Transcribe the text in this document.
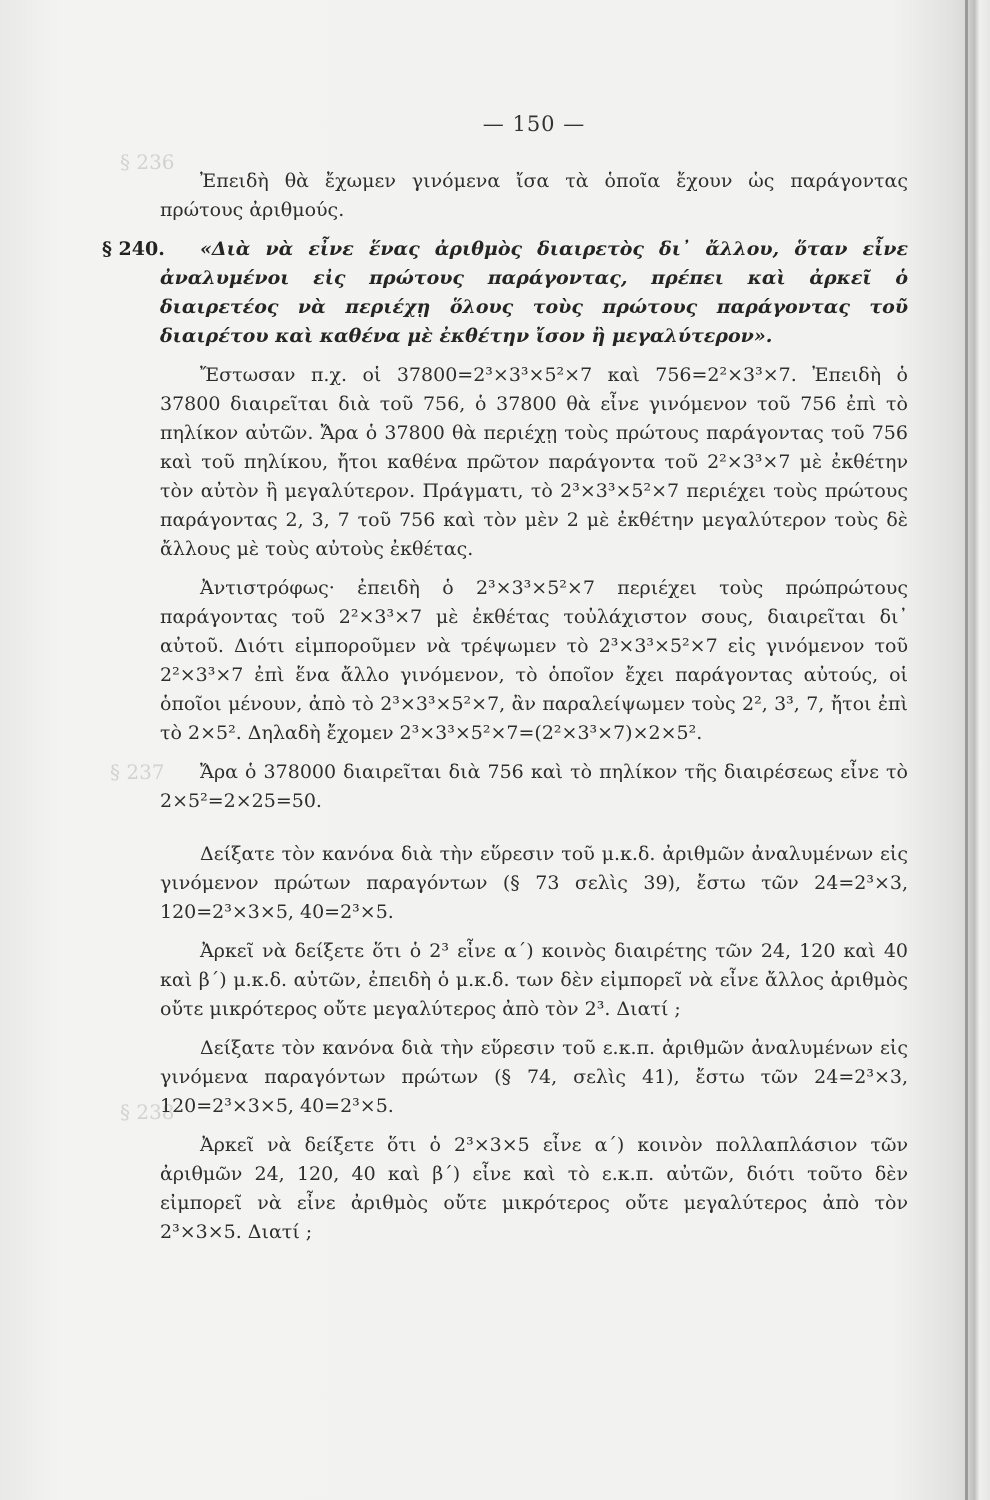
§ 236
§ 237
§ 238
— 150 —

Ἐπειδὴ θὰ ἔχωμεν γινόμενα ἴσα τὰ ὁποῖα ἔχουν ὡς παράγοντας πρώτους ἀριθμούς.

§ 240. «Διὰ νὰ εἶνε ἕνας ἀριθμὸς διαιρετὸς δι᾿ ἄλλου, ὅταν εἶνε ἀναλυμένοι εἰς πρώτους παράγοντας, πρέπει καὶ ἀρκεῖ ὁ διαιρετέος νὰ περιέχῃ ὅλους τοὺς πρώτους παράγοντας τοῦ διαιρέτου καὶ καθένα μὲ ἐκθέτην ἴσον ἢ μεγαλύτερον».

Ἔστωσαν π.χ. οἱ 37800=2³×3³×5²×7 καὶ 756=2²×3³×7. Ἐπειδὴ ὁ 37800 διαιρεῖται διὰ τοῦ 756, ὁ 37800 θὰ εἶνε γινόμενον τοῦ 756 ἐπὶ τὸ πηλίκον αὐτῶν. Ἄρα ὁ 37800 θὰ περιέχῃ τοὺς πρώτους παράγοντας τοῦ 756 καὶ τοῦ πηλίκου, ἤτοι καθένα πρῶτον παράγοντα τοῦ 2²×3³×7 μὲ ἐκθέτην τὸν αὐτὸν ἢ μεγαλύτερον. Πράγματι, τὸ 2³×3³×5²×7 περιέχει τοὺς πρώτους παράγοντας 2, 3, 7 τοῦ 756 καὶ τὸν μὲν 2 μὲ ἐκθέτην μεγαλύτερον τοὺς δὲ ἄλλους μὲ τοὺς αὐτοὺς ἐκθέτας.

Ἀντιστρόφως· ἐπειδὴ ὁ 2³×3³×5²×7 περιέχει τοὺς πρώπρώτους παράγοντας τοῦ 2²×3³×7 μὲ ἐκθέτας τοὐλάχιστον σους, διαιρεῖται δι᾿ αὐτοῦ. Διότι εἰμποροῦμεν νὰ τρέψωμεν τὸ 2³×3³×5²×7 εἰς γινόμενον τοῦ 2²×3³×7 ἐπὶ ἕνα ἄλλο γινόμενον, τὸ ὁποῖον ἔχει παράγοντας αὐτούς, οἱ ὁποῖοι μένουν, ἀπὸ τὸ 2³×3³×5²×7, ἂν παραλείψωμεν τοὺς 2², 3³, 7, ἤτοι ἐπὶ τὸ 2×5². Δηλαδὴ ἔχομεν 2³×3³×5²×7=(2²×3³×7)×2×5².

Ἄρα ὁ 378000 διαιρεῖται διὰ 756 καὶ τὸ πηλίκον τῆς διαιρέσεως εἶνε τὸ 2×5²=2×25=50.

Δείξατε τὸν κανόνα διὰ τὴν εὕρεσιν τοῦ μ.κ.δ. ἀριθμῶν ἀναλυμένων εἰς γινόμενον πρώτων παραγόντων (§ 73 σελὶς 39), ἔστω τῶν 24=2³×3, 120=2³×3×5, 40=2³×5.

Ἀρκεῖ νὰ δείξετε ὅτι ὁ 2³ εἶνε α΄) κοινὸς διαιρέτης τῶν 24, 120 καὶ 40 καὶ β΄) μ.κ.δ. αὐτῶν, ἐπειδὴ ὁ μ.κ.δ. των δὲν εἰμπορεῖ νὰ εἶνε ἄλλος ἀριθμὸς οὔτε μικρότερος οὔτε μεγαλύτερος ἀπὸ τὸν 2³. Διατί ;

Δείξατε τὸν κανόνα διὰ τὴν εὕρεσιν τοῦ ε.κ.π. ἀριθμῶν ἀναλυμένων εἰς γινόμενα παραγόντων πρώτων (§ 74, σελὶς 41), ἔστω τῶν 24=2³×3, 120=2³×3×5, 40=2³×5.

Ἀρκεῖ νὰ δείξετε ὅτι ὁ 2³×3×5 εἶνε α΄) κοινὸν πολλαπλάσιον τῶν ἀριθμῶν 24, 120, 40 καὶ β΄) εἶνε καὶ τὸ ε.κ.π. αὐτῶν, διότι τοῦτο δὲν εἰμπορεῖ νὰ εἶνε ἀριθμὸς οὔτε μικρότερος οὔτε μεγαλύτερος ἀπὸ τὸν 2³×3×5. Διατί ;
